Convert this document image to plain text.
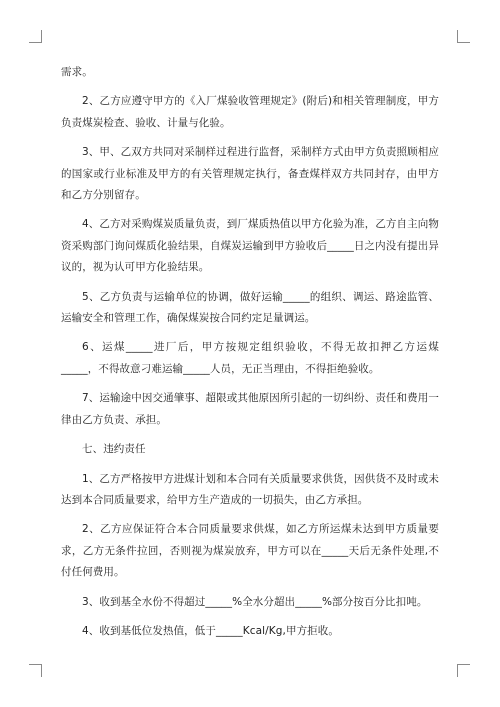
需求。

2、乙方应遵守甲方的《入厂煤验收管理规定》(附后)和相关管理制度，甲方负责煤炭检查、验收、计量与化验。

3、甲、乙双方共同对采制样过程进行监督，采制样方式由甲方负责照顾相应的国家或行业标准及甲方的有关管理规定执行，备查煤样双方共同封存，由甲方和乙方分别留存。

4、乙方对采购煤炭质量负责，到厂煤质热值以甲方化验为准，乙方自主向物资采购部门询问煤质化验结果，自煤炭运输到甲方验收后_____日之内没有提出异议的，视为认可甲方化验结果。

5、乙方负责与运输单位的协调，做好运输_____的组织、调运、路途监管、运输安全和管理工作，确保煤炭按合同约定足量调运。

6、运煤_____进厂后，甲方按规定组织验收，不得无故扣押乙方运煤_____，不得故意刁难运输_____人员，无正当理由，不得拒绝验收。

7、运输途中因交通肇事、超限或其他原因所引起的一切纠纷、责任和费用一律由乙方负责、承担。

七、违约责任

1、乙方严格按甲方进煤计划和本合同有关质量要求供货，因供货不及时或未达到本合同质量要求，给甲方生产造成的一切损失，由乙方承担。

2、乙方应保证符合本合同质量要求供煤，如乙方所运煤未达到甲方质量要求，乙方无条件拉回，否则视为煤炭放弃，甲方可以在_____天后无条件处理,不付任何费用。

3、收到基全水份不得超过_____%全水分超出_____%部分按百分比扣吨。

4、收到基低位发热值，低于_____Kcal/Kg,甲方拒收。
